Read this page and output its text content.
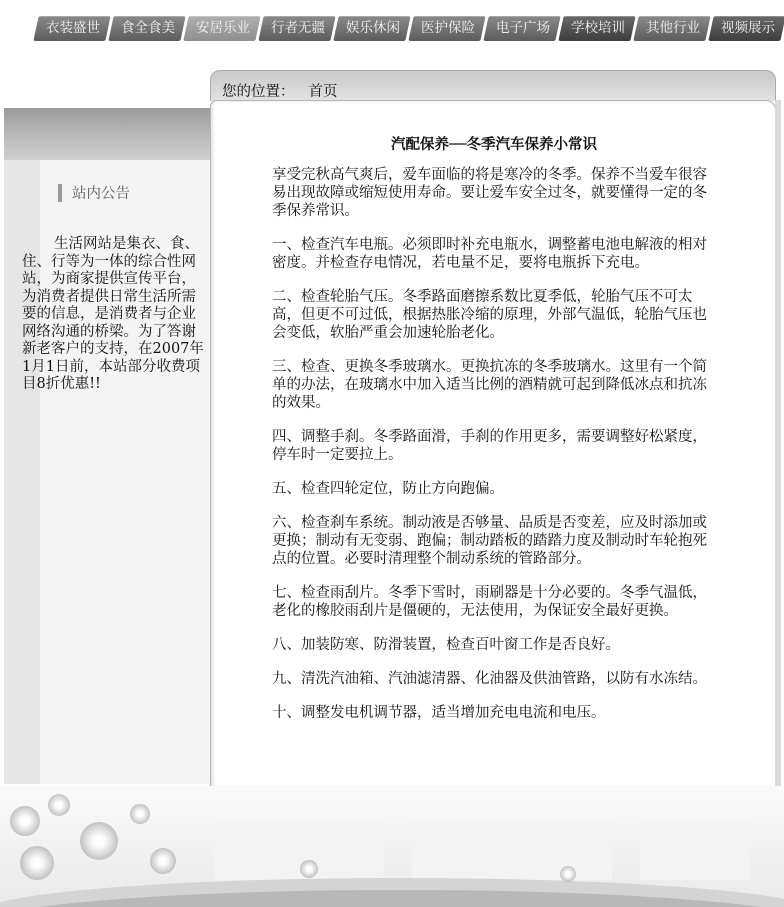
衣装盛世	食全食美	安居乐业	行者无疆	娱乐休闲	医护保险	电子广场	学校培训	其他行业	视频展示
站内公告
生活网站是集衣、食、住、行等为一体的综合性网站，为商家提供宣传平台，为消费者提供日常生活所需要的信息，是消费者与企业网络沟通的桥梁。为了答谢新老客户的支持，在2007年1月1日前，本站部分收费项目8折优惠!!
您的位置： 首页
汽配保养──冬季汽车保养小常识

享受完秋高气爽后，爱车面临的将是寒冷的冬季。保养不当爱车很容易出现故障或缩短使用寿命。要让爱车安全过冬，就要懂得一定的冬季保养常识。

一、检查汽车电瓶。必须即时补充电瓶水，调整蓄电池电解液的相对密度。并检查存电情况，若电量不足，要将电瓶拆下充电。

二、检查轮胎气压。冬季路面磨擦系数比夏季低，轮胎气压不可太高，但更不可过低，根据热胀冷缩的原理，外部气温低，轮胎气压也会变低，软胎严重会加速轮胎老化。

三、检查、更换冬季玻璃水。更换抗冻的冬季玻璃水。这里有一个简单的办法，在玻璃水中加入适当比例的酒精就可起到降低冰点和抗冻的效果。

四、调整手刹。冬季路面滑，手刹的作用更多，需要调整好松紧度，停车时一定要拉上。

五、检查四轮定位，防止方向跑偏。

六、检查刹车系统。制动液是否够量、品质是否变差，应及时添加或更换；制动有无变弱、跑偏；制动踏板的踏踏力度及制动时车轮抱死点的位置。必要时清理整个制动系统的管路部分。

七、检查雨刮片。冬季下雪时，雨刷器是十分必要的。冬季气温低，老化的橡胶雨刮片是僵硬的，无法使用，为保证安全最好更换。

八、加装防寒、防滑装置，检查百叶窗工作是否良好。

九、清洗汽油箱、汽油滤清器、化油器及供油管路，以防有水冻结。

十、调整发电机调节器，适当增加充电电流和电压。
